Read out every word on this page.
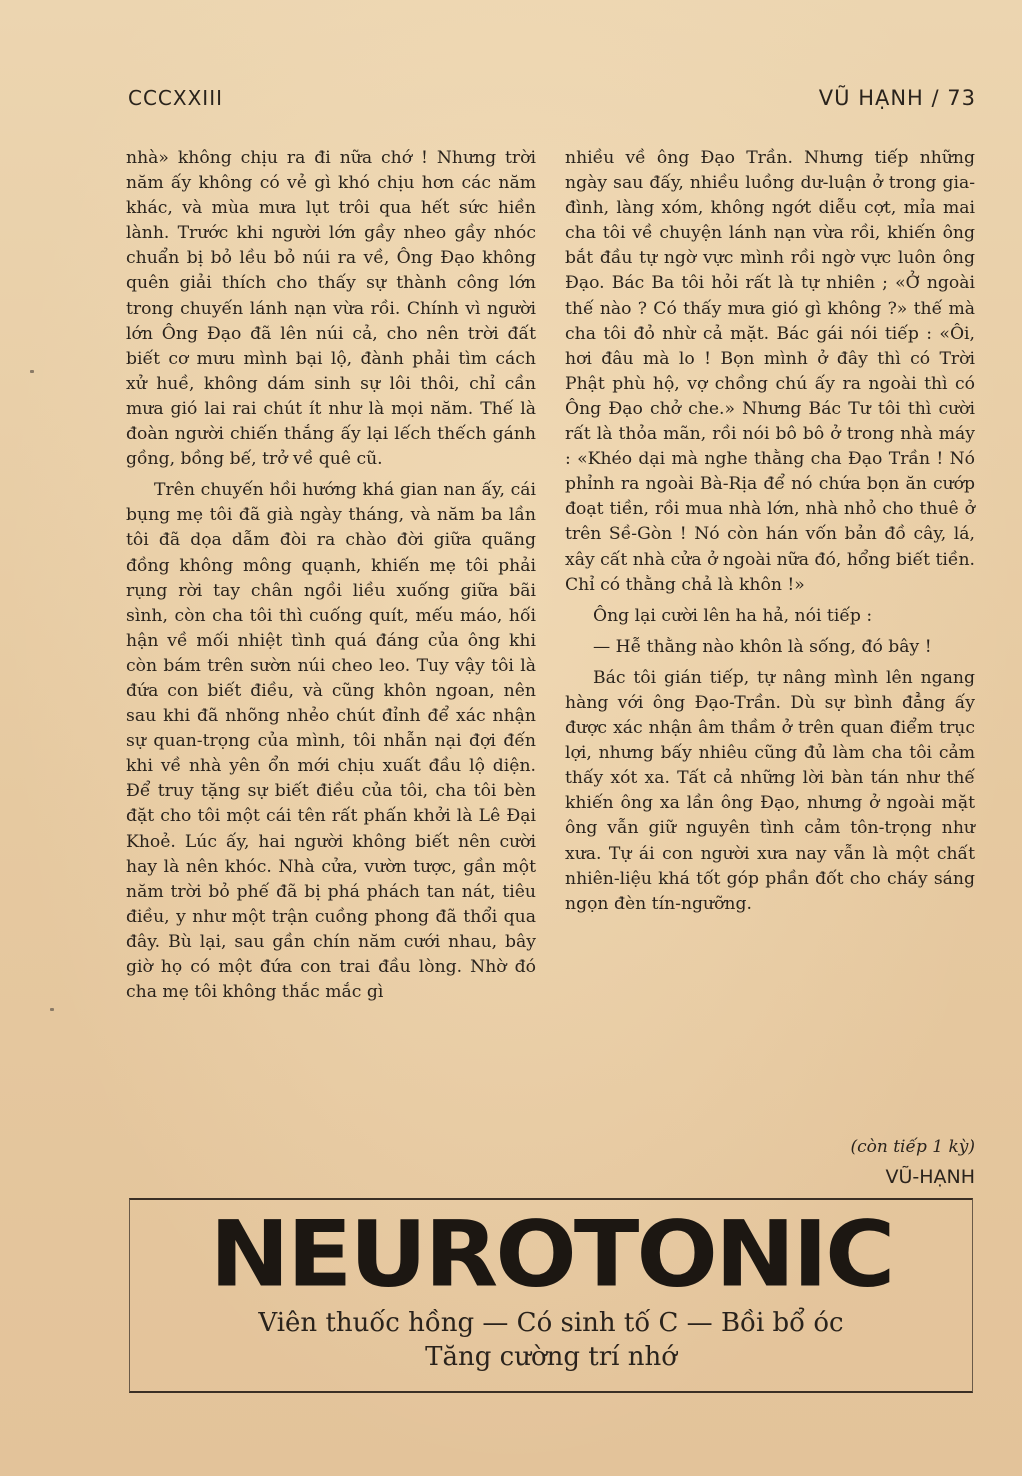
CCCXXIII	VŨ HẠNH / 73

nhà» không chịu ra đi nữa chớ ! Nhưng trời năm ấy không có vẻ gì khó chịu hơn các năm khác, và mùa mưa lụt trôi qua hết sức hiền lành. Trước khi người lớn gầy nheo gầy nhóc chuẩn bị bỏ lều bỏ núi ra về, Ông Đạo không quên giải thích cho thấy sự thành công lớn trong chuyến lánh nạn vừa rồi. Chính vì người lớn Ông Đạo đã lên núi cả, cho nên trời đất biết cơ mưu mình bại lộ, đành phải tìm cách xử huề, không dám sinh sự lôi thôi, chỉ cần mưa gió lai rai chút ít như là mọi năm. Thế là đoàn người chiến thắng ấy lại lếch thếch gánh gồng, bồng bế, trở về quê cũ.

Trên chuyến hồi hướng khá gian nan ấy, cái bụng mẹ tôi đã già ngày tháng, và năm ba lần tôi đã dọa dẫm đòi ra chào đời giữa quãng đồng không mông quạnh, khiến mẹ tôi phải rụng rời tay chân ngồi liều xuống giữa bãi sình, còn cha tôi thì cuống quít, mếu máo, hối hận về mối nhiệt tình quá đáng của ông khi còn bám trên sườn núi cheo leo. Tuy vậy tôi là đứa con biết điều, và cũng khôn ngoan, nên sau khi đã nhõng nhẻo chút đỉnh để xác nhận sự quan-trọng của mình, tôi nhẫn nại đợi đến khi về nhà yên ổn mới chịu xuất đầu lộ diện. Để truy tặng sự biết điều của tôi, cha tôi bèn đặt cho tôi một cái tên rất phấn khởi là Lê Đại Khoẻ. Lúc ấy, hai người không biết nên cười hay là nên khóc. Nhà cửa, vườn tược, gần một năm trời bỏ phế đã bị phá phách tan nát, tiêu điều, y như một trận cuồng phong đã thổi qua đây. Bù lại, sau gần chín năm cưới nhau, bây giờ họ có một đứa con trai đầu lòng. Nhờ đó cha mẹ tôi không thắc mắc gì

nhiều về ông Đạo Trần. Nhưng tiếp những ngày sau đấy, nhiều luồng dư-luận ở trong gia-đình, làng xóm, không ngớt diễu cợt, mỉa mai cha tôi về chuyện lánh nạn vừa rồi, khiến ông bắt đầu tự ngờ vực mình rồi ngờ vực luôn ông Đạo. Bác Ba tôi hỏi rất là tự nhiên ; «Ở ngoài thế nào ? Có thấy mưa gió gì không ?» thế mà cha tôi đỏ nhừ cả mặt. Bác gái nói tiếp : «Ôi, hơi đâu mà lo ! Bọn mình ở đây thì có Trời Phật phù hộ, vợ chồng chú ấy ra ngoài thì có Ông Đạo chở che.» Nhưng Bác Tư tôi thì cười rất là thỏa mãn, rồi nói bô bô ở trong nhà máy : «Khéo dại mà nghe thằng cha Đạo Trần ! Nó phỉnh ra ngoài Bà-Rịa để nó chứa bọn ăn cướp đoạt tiền, rồi mua nhà lớn, nhà nhỏ cho thuê ở trên Sề-Gòn ! Nó còn hán vốn bản đồ cây, lá, xây cất nhà cửa ở ngoài nữa đó, hổng biết tiền. Chỉ có thằng chả là khôn !»

Ông lại cười lên ha hả, nói tiếp :

— Hễ thằng nào khôn là sống, đó bây !

Bác tôi gián tiếp, tự nâng mình lên ngang hàng với ông Đạo-Trần. Dù sự bình đẳng ấy được xác nhận âm thầm ở trên quan điểm trục lợi, nhưng bấy nhiêu cũng đủ làm cha tôi cảm thấy xót xa. Tất cả những lời bàn tán như thế khiến ông xa lần ông Đạo, nhưng ở ngoài mặt ông vẫn giữ nguyên tình cảm tôn-trọng như xưa. Tự ái con người xưa nay vẫn là một chất nhiên-liệu khá tốt góp phần đốt cho cháy sáng ngọn đèn tín-ngưỡng.

(còn tiếp 1 kỳ)
VŨ-HẠNH
NEUROTONIC
Viên thuốc hồng — Có sinh tố C — Bồi bổ óc
Tăng cường trí nhớ
